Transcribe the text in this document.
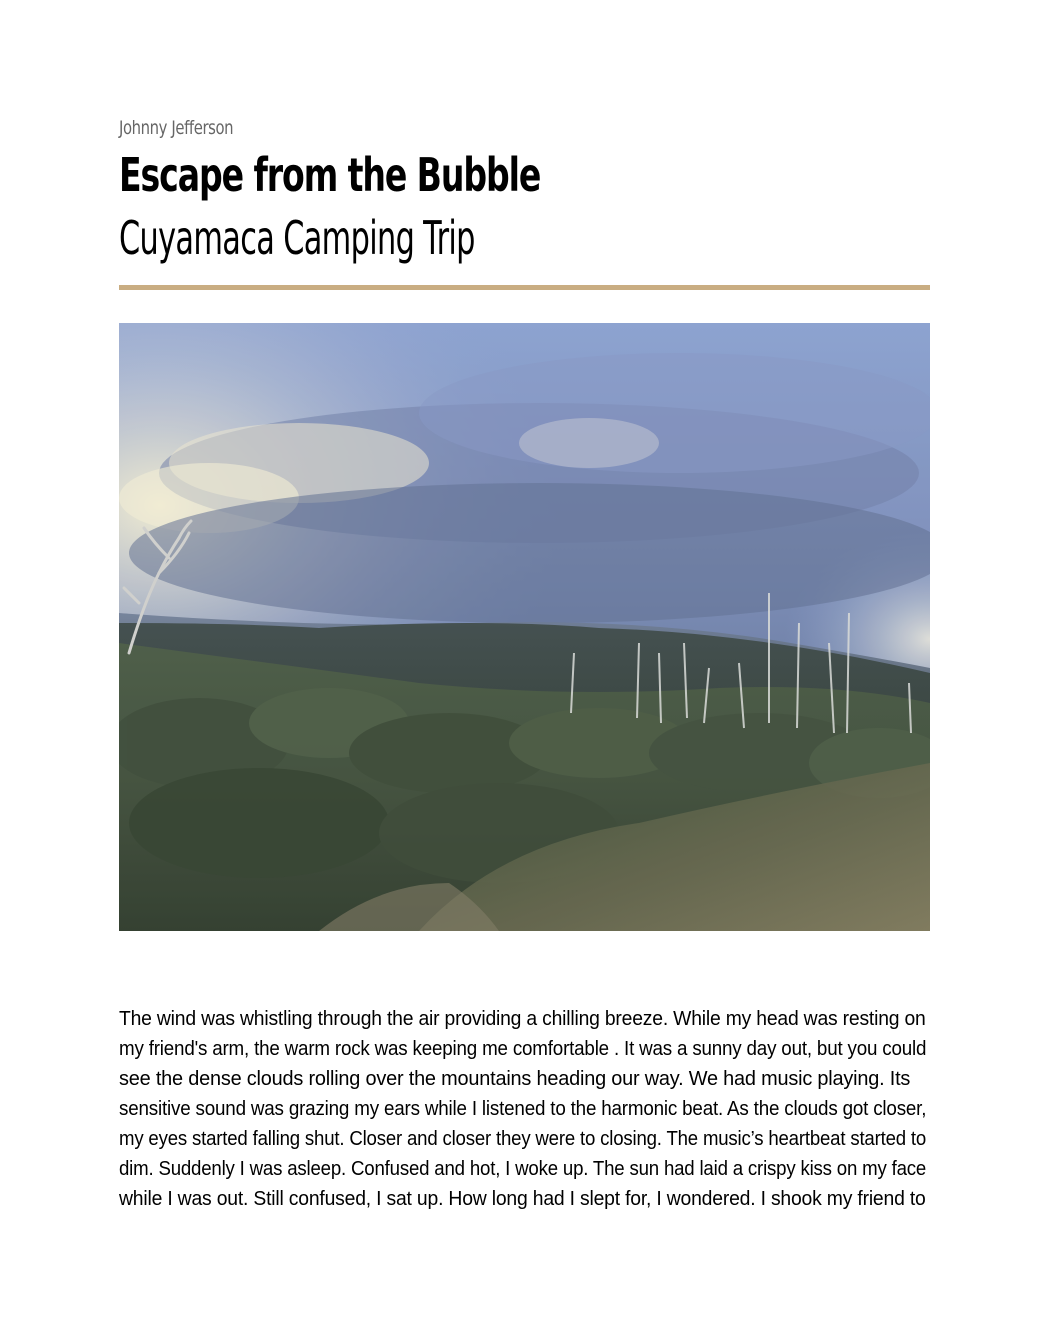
Johnny Jefferson
Escape from the Bubble
Cuyamaca Camping Trip
The wind was whistling through the air providing a chilling breeze. While my head was resting on
my friend's arm, the warm rock was keeping me comfortable . It was a sunny day out, but you could
see the dense clouds rolling over the mountains heading our way. We had music playing. Its
sensitive sound was grazing my ears while I listened to the harmonic beat. As the clouds got closer,
my eyes started falling shut. Closer and closer they were to closing. The music’s heartbeat started to
dim. Suddenly I was asleep. Confused and hot, I woke up. The sun had laid a crispy kiss on my face
while I was out. Still confused, I sat up. How long had I slept for, I wondered. I shook my friend to
